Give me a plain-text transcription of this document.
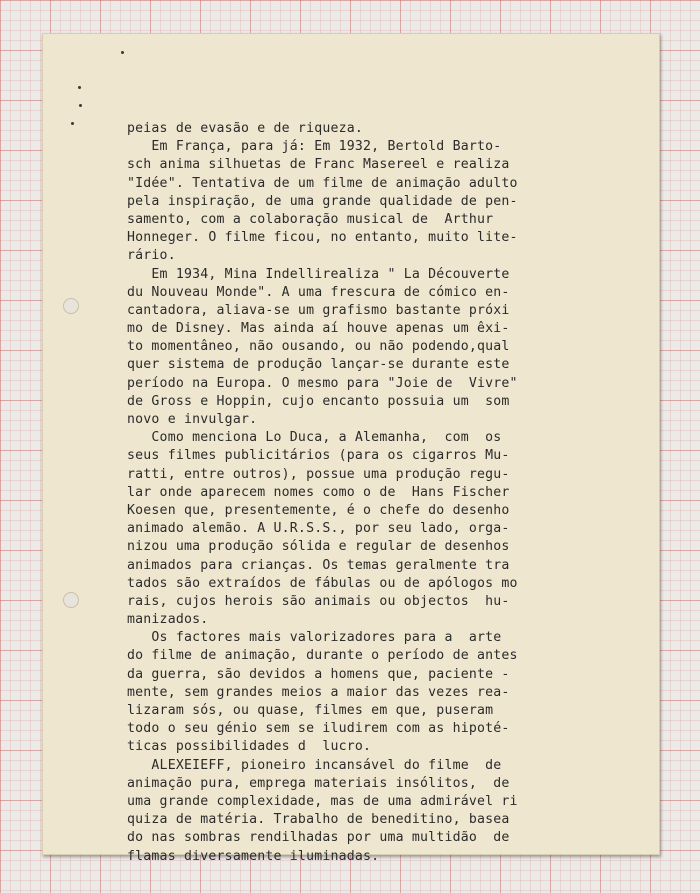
peias de evasão e de riqueza.
Em França, para já: Em 1932, Bertold Barto-
sch anima silhuetas de Franc Masereel e realiza
"Idée". Tentativa de um filme de animação adulto
pela inspiração, de uma grande qualidade de pen-
samento, com a colaboração musical de  Arthur
Honneger. O filme ficou, no entanto, muito lite-
rário.
Em 1934, Mina Indellirealiza " La Découverte
du Nouveau Monde". A uma frescura de cómico en-
cantadora, aliava-se um grafismo bastante próxi
mo de Disney. Mas ainda aí houve apenas um êxi-
to momentâneo, não ousando, ou não podendo,qual
quer sistema de produção lançar-se durante este
período na Europa. O mesmo para "Joie de  Vivre"
de Gross e Hoppin, cujo encanto possuia um  som
novo e invulgar.
Como menciona Lo Duca, a Alemanha,  com  os
seus filmes publicitários (para os cigarros Mu-
ratti, entre outros), possue uma produção regu-
lar onde aparecem nomes como o de  Hans Fischer
Koesen que, presentemente, é o chefe do desenho
animado alemão. A U.R.S.S., por seu lado, orga-
nizou uma produção sólida e regular de desenhos
animados para crianças. Os temas geralmente tra
tados são extraídos de fábulas ou de apólogos mo
rais, cujos herois são animais ou objectos  hu-
manizados.
Os factores mais valorizadores para a  arte
do filme de animação, durante o período de antes
da guerra, são devidos a homens que, paciente -
mente, sem grandes meios a maior das vezes rea-
lizaram sós, ou quase, filmes em que, puseram
todo o seu génio sem se iludirem com as hipoté-
ticas possibilidades d  lucro.
ALEXEIEFF, pioneiro incansável do filme  de
animação pura, emprega materiais insólitos,  de
uma grande complexidade, mas de uma admirável ri
quiza de matéria. Trabalho de beneditino, basea
do nas sombras rendilhadas por uma multidão  de
flamas diversamente iluminadas.
